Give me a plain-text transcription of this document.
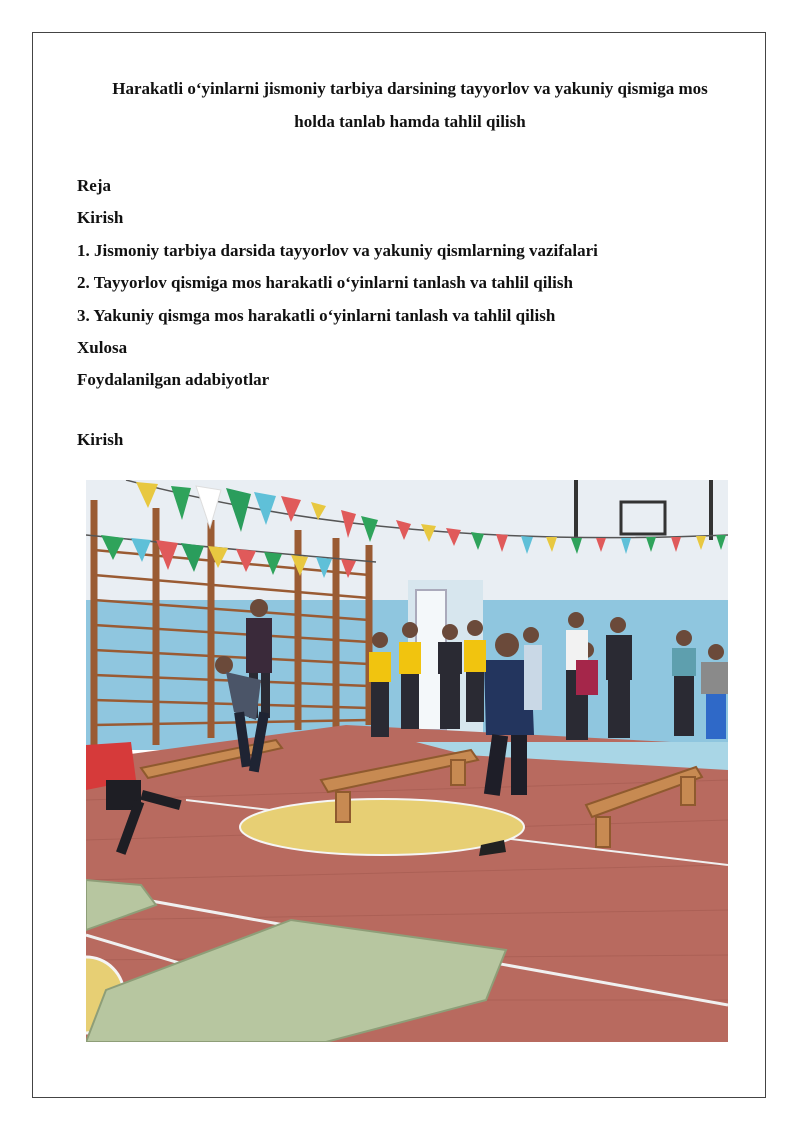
Harakatli o‘yinlarni jismoniy tarbiya darsining tayyorlov va yakuniy qismiga mos
holda tanlab hamda tahlil qilish
Reja
Kirish
1. Jismoniy tarbiya darsida tayyorlov va yakuniy qismlarning vazifalari
2. Tayyorlov qismiga mos harakatli o‘yinlarni tanlash va tahlil qilish
3. Yakuniy qismga mos harakatli o‘yinlarni tanlash va tahlil qilish
Xulosa
Foydalanilgan adabiyotlar
Kirish
